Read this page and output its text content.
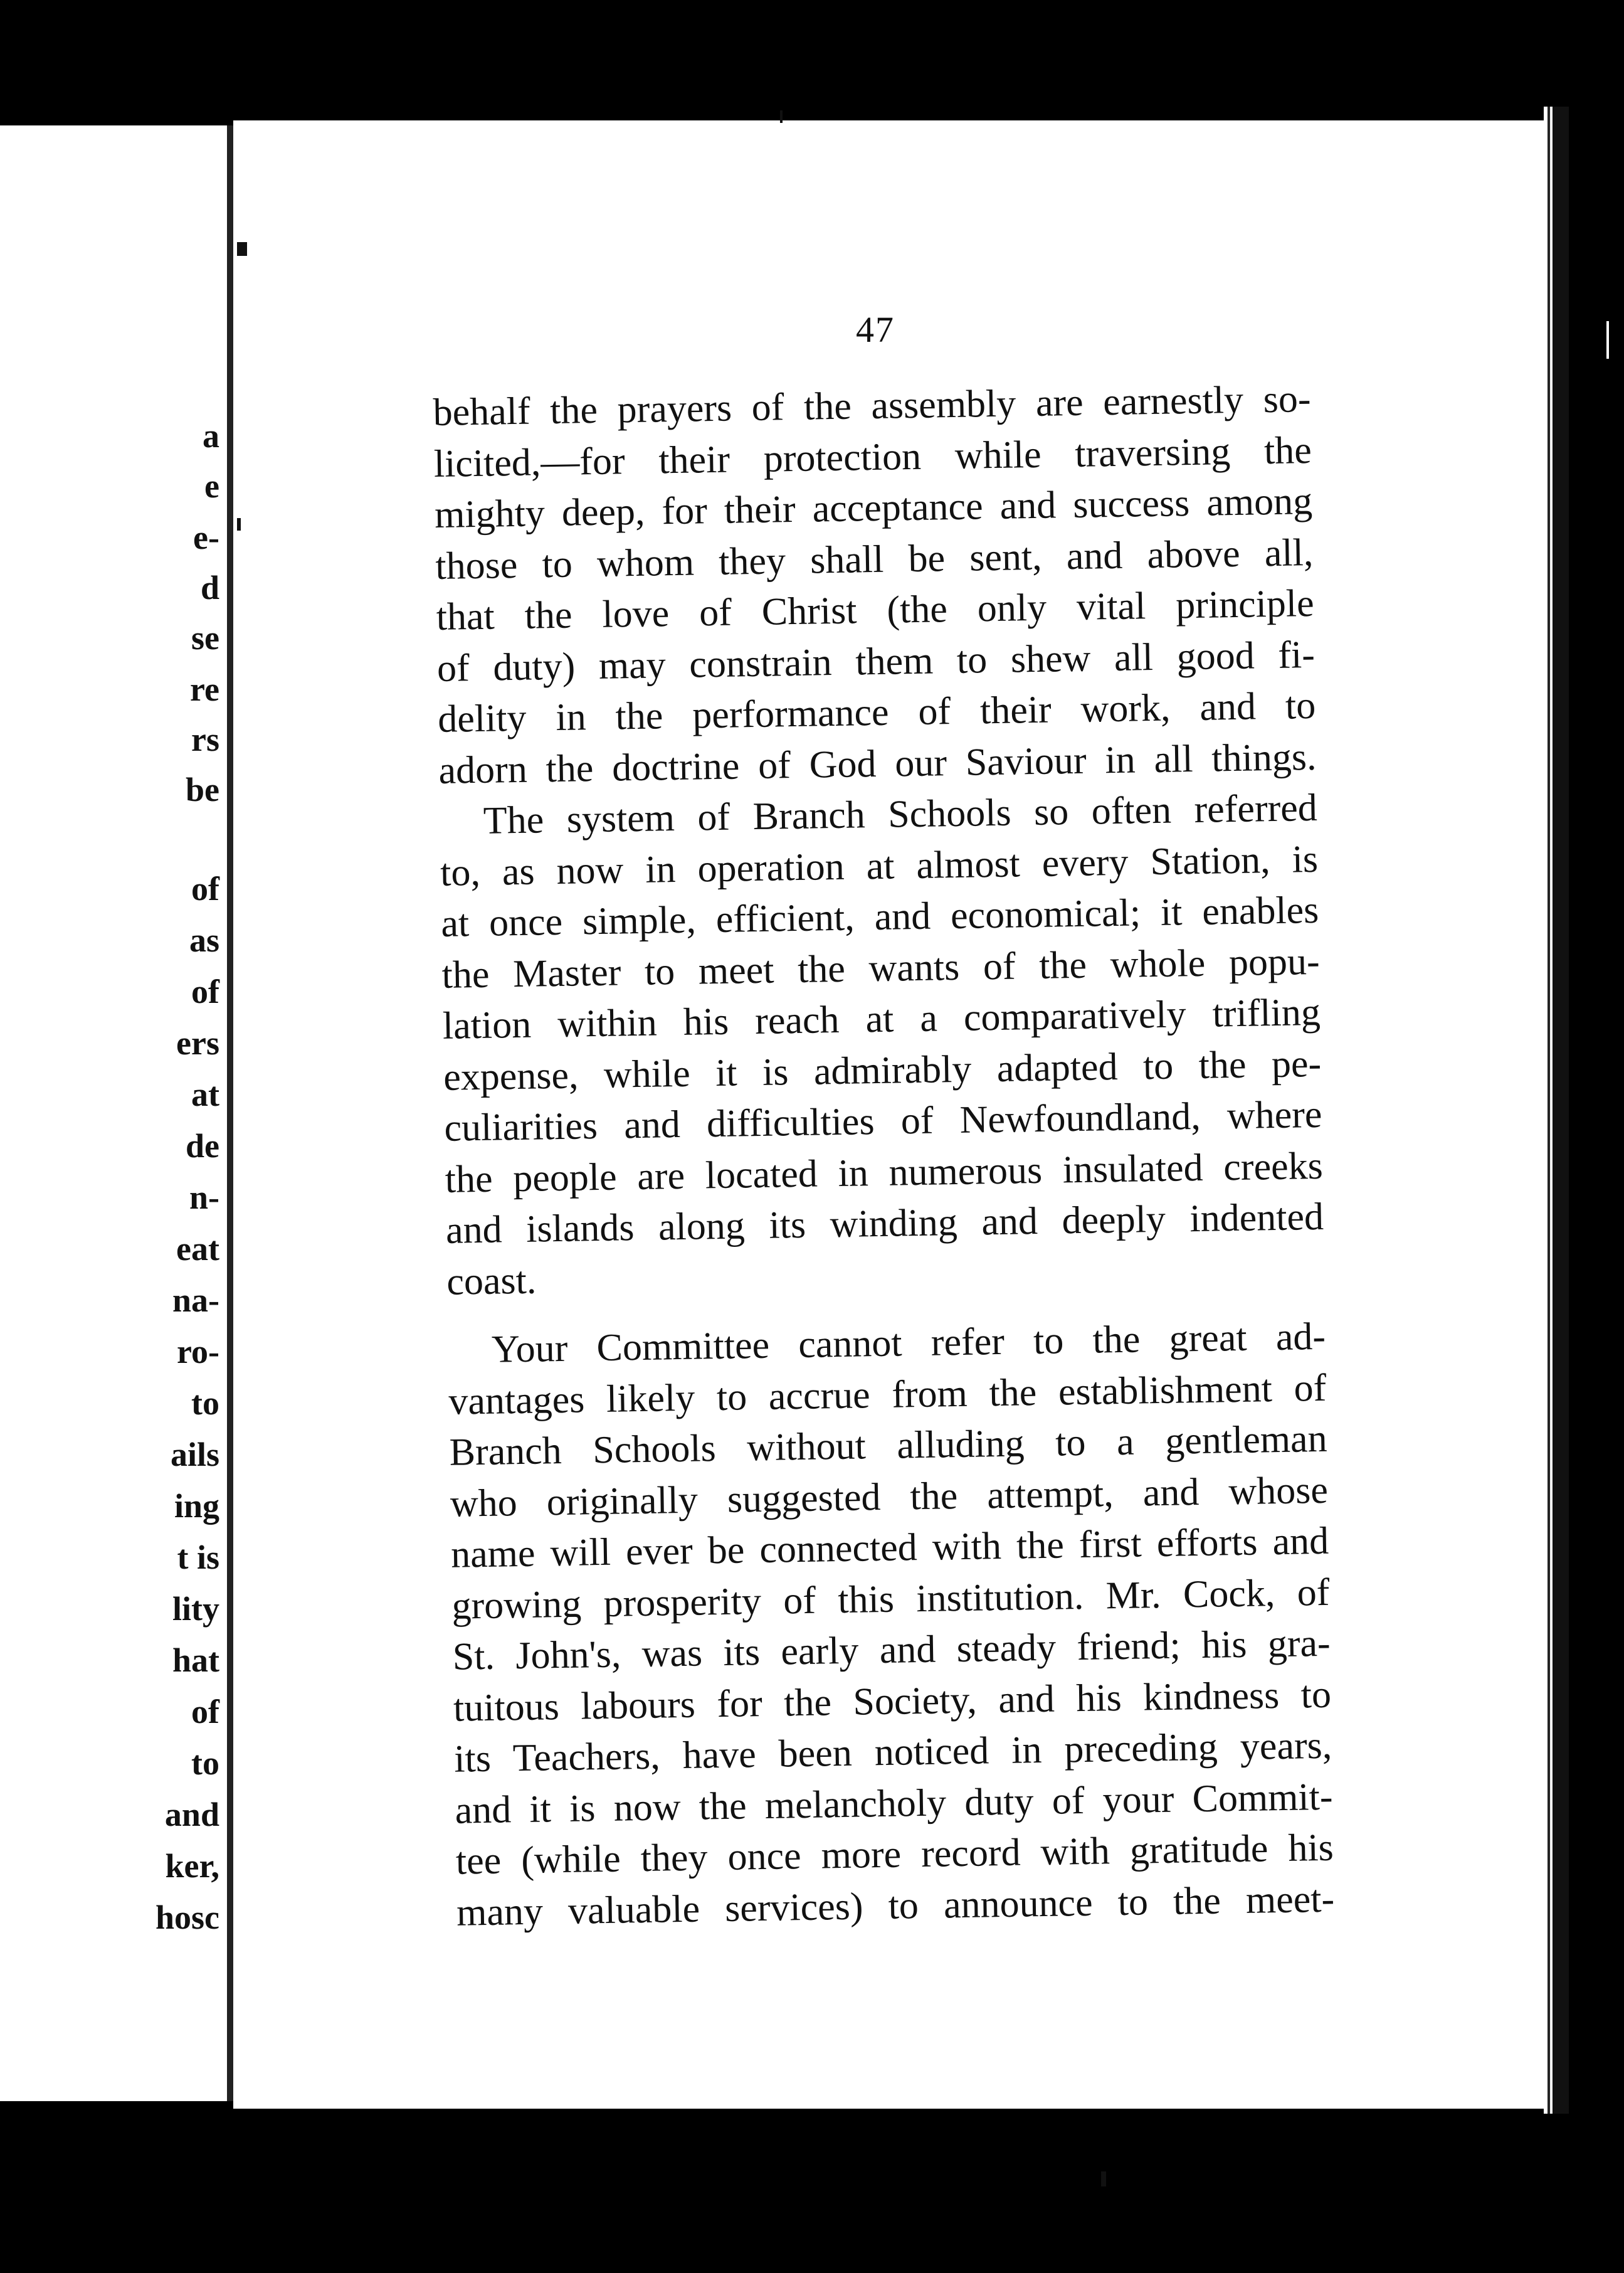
a
e
e-
d
se
re
rs
be
of
as
of
ers
at
de
n-
eat
na-
ro-
to
ails
ing
t is
lity
hat
of
to
and
ker,
hosc
47
behalf the prayers of the assembly are earnestly so-
licited,—for their protection while traversing the
mighty deep, for their acceptance and success among
those to whom they shall be sent, and above all,
that the love of Christ (the only vital principle
of duty) may constrain them to shew all good fi-
delity in the performance of their work, and to
adorn the doctrine of God our Saviour in all things.
The system of Branch Schools so often referred
to, as now in operation at almost every Station, is
at once simple, efficient, and economical; it enables
the Master to meet the wants of the whole popu-
lation within his reach at a comparatively trifling
expense, while it is admirably adapted to the pe-
culiarities and difficulties of Newfoundland, where
the people are located in numerous insulated creeks
and islands along its winding and deeply indented
coast.
Your Committee cannot refer to the great ad-
vantages likely to accrue from the establishment of
Branch Schools without alluding to a gentleman
who originally suggested the attempt, and whose
name will ever be connected with the first efforts and
growing prosperity of this institution. Mr. Cock, of
St. John's, was its early and steady friend; his gra-
tuitous labours for the Society, and his kindness to
its Teachers, have been noticed in preceding years,
and it is now the melancholy duty of your Commit-
tee (while they once more record with gratitude his
many valuable services) to announce to the meet-
